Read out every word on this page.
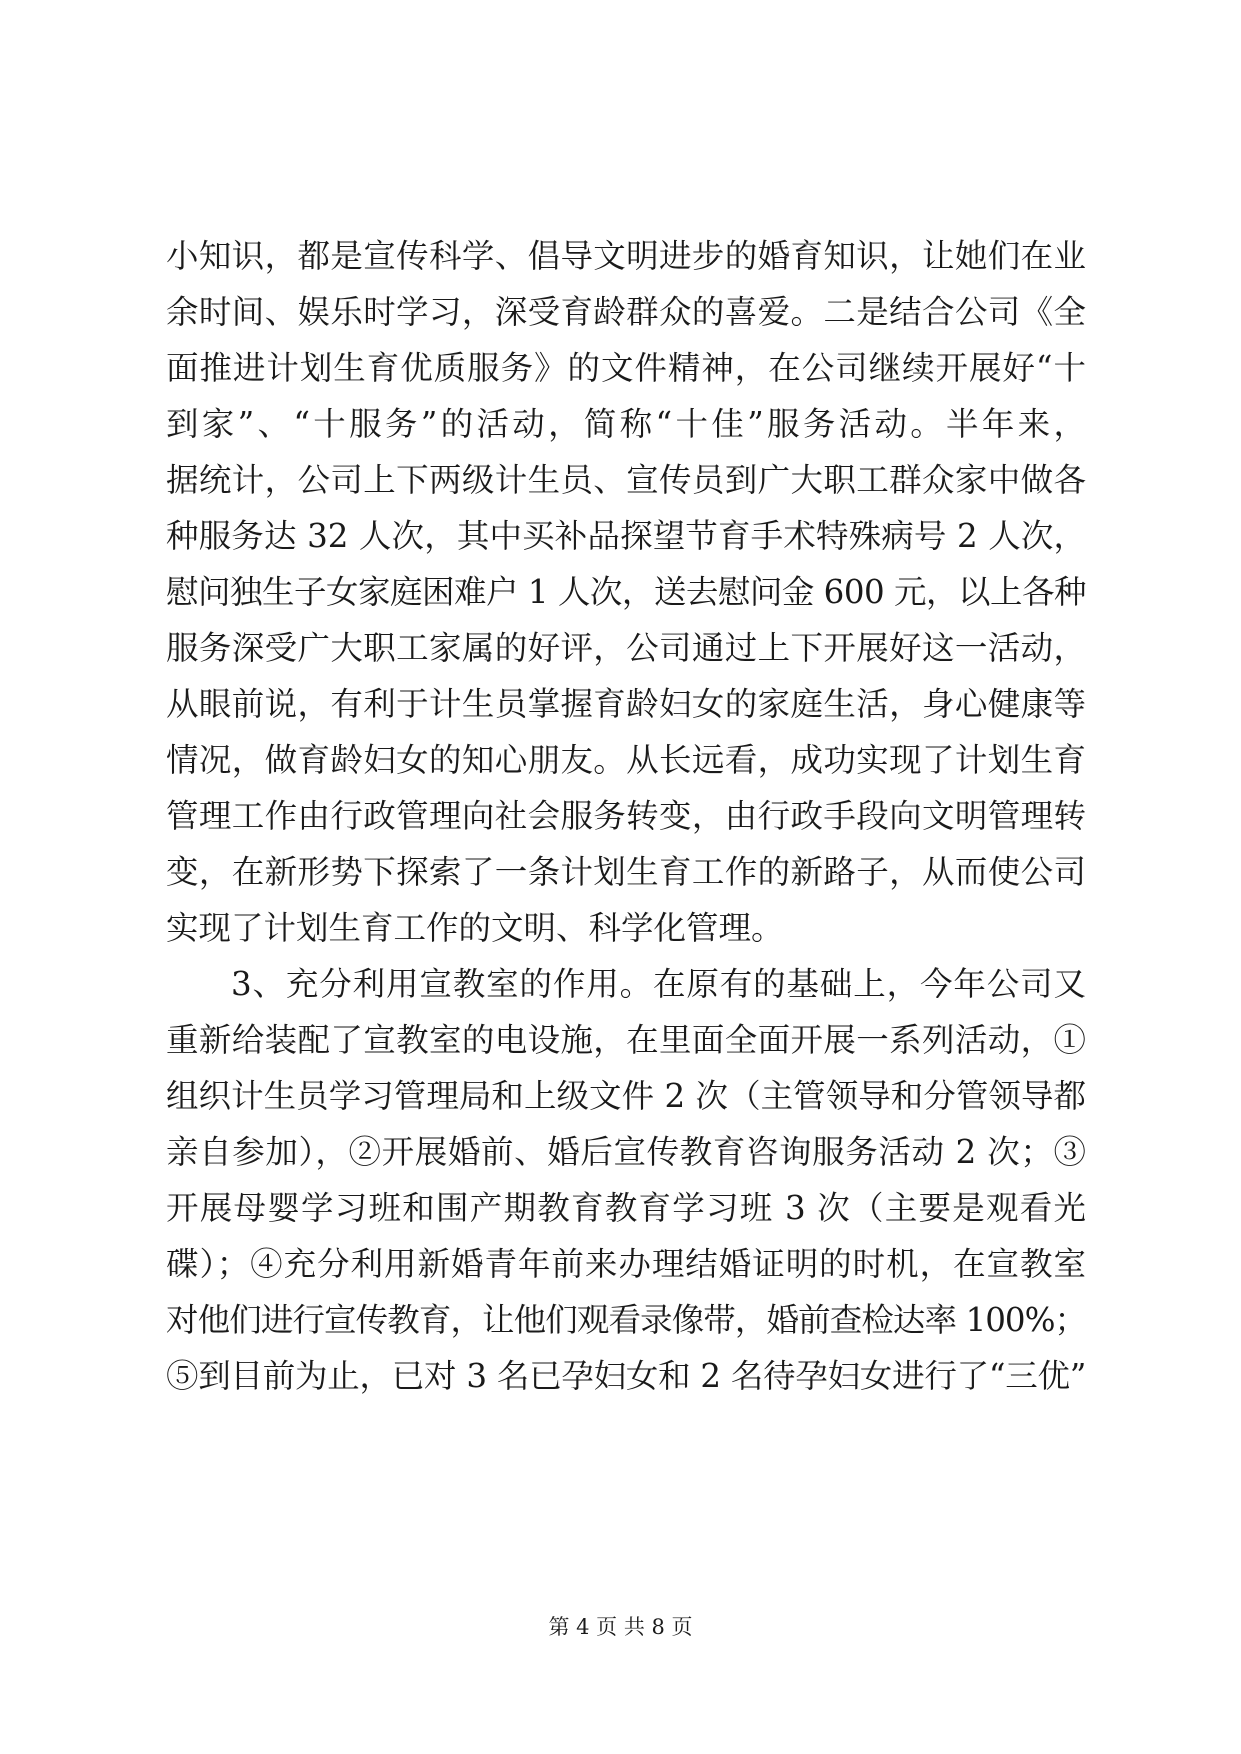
小知识，都是宣传科学、倡导文明进步的婚育知识，让她们在业
余时间、娱乐时学习，深受育龄群众的喜爱。二是结合公司《全
面推进计划生育优质服务》的文件精神，在公司继续开展好“十
到家”、“十服务”的活动，简称“十佳”服务活动。半年来，
据统计，公司上下两级计生员、宣传员到广大职工群众家中做各
种服务达 32 人次，其中买补品探望节育手术特殊病号 2 人次，
慰问独生子女家庭困难户 1 人次，送去慰问金 600 元，以上各种
服务深受广大职工家属的好评，公司通过上下开展好这一活动，
从眼前说，有利于计生员掌握育龄妇女的家庭生活，身心健康等
情况，做育龄妇女的知心朋友。从长远看，成功实现了计划生育
管理工作由行政管理向社会服务转变，由行政手段向文明管理转
变，在新形势下探索了一条计划生育工作的新路子，从而使公司
实现了计划生育工作的文明、科学化管理。
3、充分利用宣教室的作用。在原有的基础上，今年公司又
重新给装配了宣教室的电设施，在里面全面开展一系列活动，①
组织计生员学习管理局和上级文件 2 次（主管领导和分管领导都
亲自参加），②开展婚前、婚后宣传教育咨询服务活动 2 次；③
开展母婴学习班和围产期教育教育学习班 3 次（主要是观看光
碟）；④充分利用新婚青年前来办理结婚证明的时机，在宣教室
对他们进行宣传教育，让他们观看录像带，婚前查检达率 100%；
⑤到目前为止，已对 3 名已孕妇女和 2 名待孕妇女进行了“三优”
第 4 页 共 8 页
